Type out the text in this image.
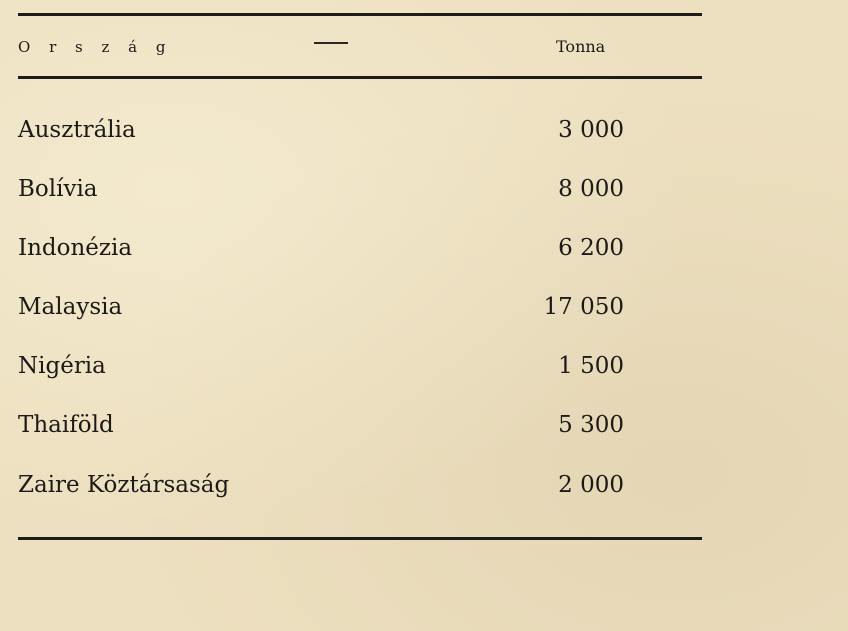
O r s z á g	Tonna
Ausztrália	3 000
Bolívia	8 000
Indonézia	6 200
Malaysia	17 050
Nigéria	1 500
Thaiföld	5 300
Zaire Köztársaság	2 000
